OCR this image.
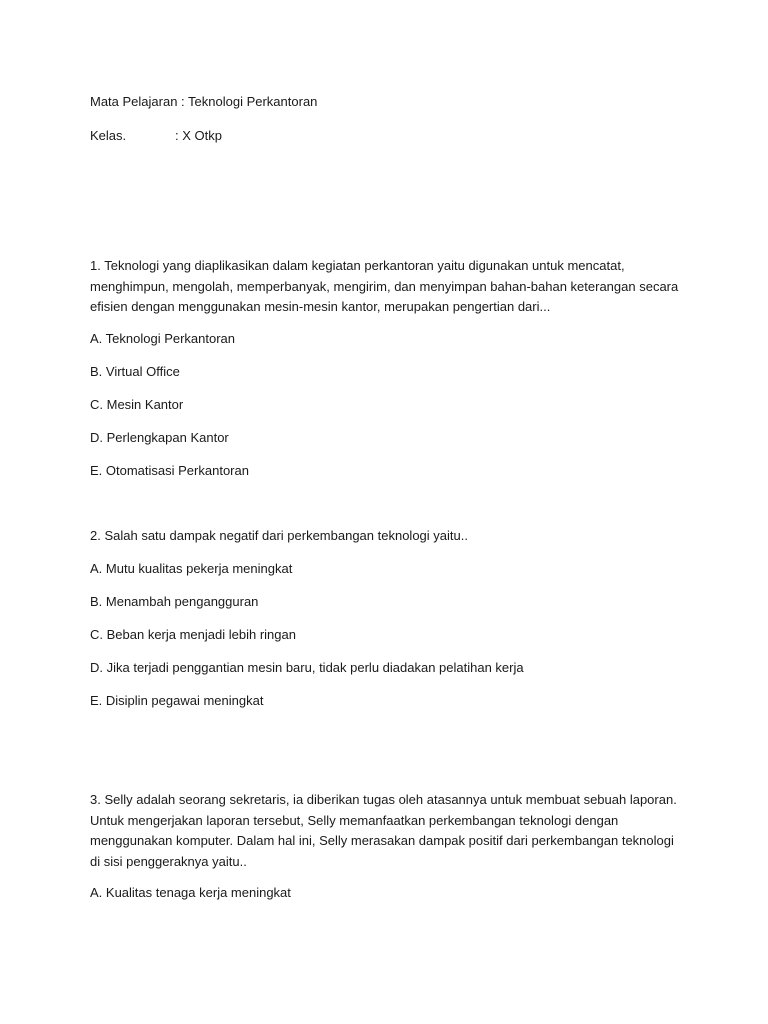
Mata Pelajaran : Teknologi Perkantoran
Kelas.	: X Otkp
1. Teknologi yang diaplikasikan dalam kegiatan perkantoran yaitu digunakan untuk mencatat, menghimpun, mengolah, memperbanyak, mengirim, dan menyimpan bahan-bahan keterangan secara efisien dengan menggunakan mesin-mesin kantor, merupakan pengertian dari...
A. Teknologi Perkantoran
B. Virtual Office
C. Mesin Kantor
D. Perlengkapan Kantor
E. Otomatisasi Perkantoran
2. Salah satu dampak negatif dari perkembangan teknologi yaitu..
A. Mutu kualitas pekerja meningkat
B. Menambah pengangguran
C. Beban kerja menjadi lebih ringan
D. Jika terjadi penggantian mesin baru, tidak perlu diadakan pelatihan kerja
E. Disiplin pegawai meningkat
3. Selly adalah seorang sekretaris, ia diberikan tugas oleh atasannya untuk membuat sebuah laporan. Untuk mengerjakan laporan tersebut, Selly memanfaatkan perkembangan teknologi dengan menggunakan komputer. Dalam hal ini, Selly merasakan dampak positif dari perkembangan teknologi di sisi penggeraknya yaitu..
A. Kualitas tenaga kerja meningkat
